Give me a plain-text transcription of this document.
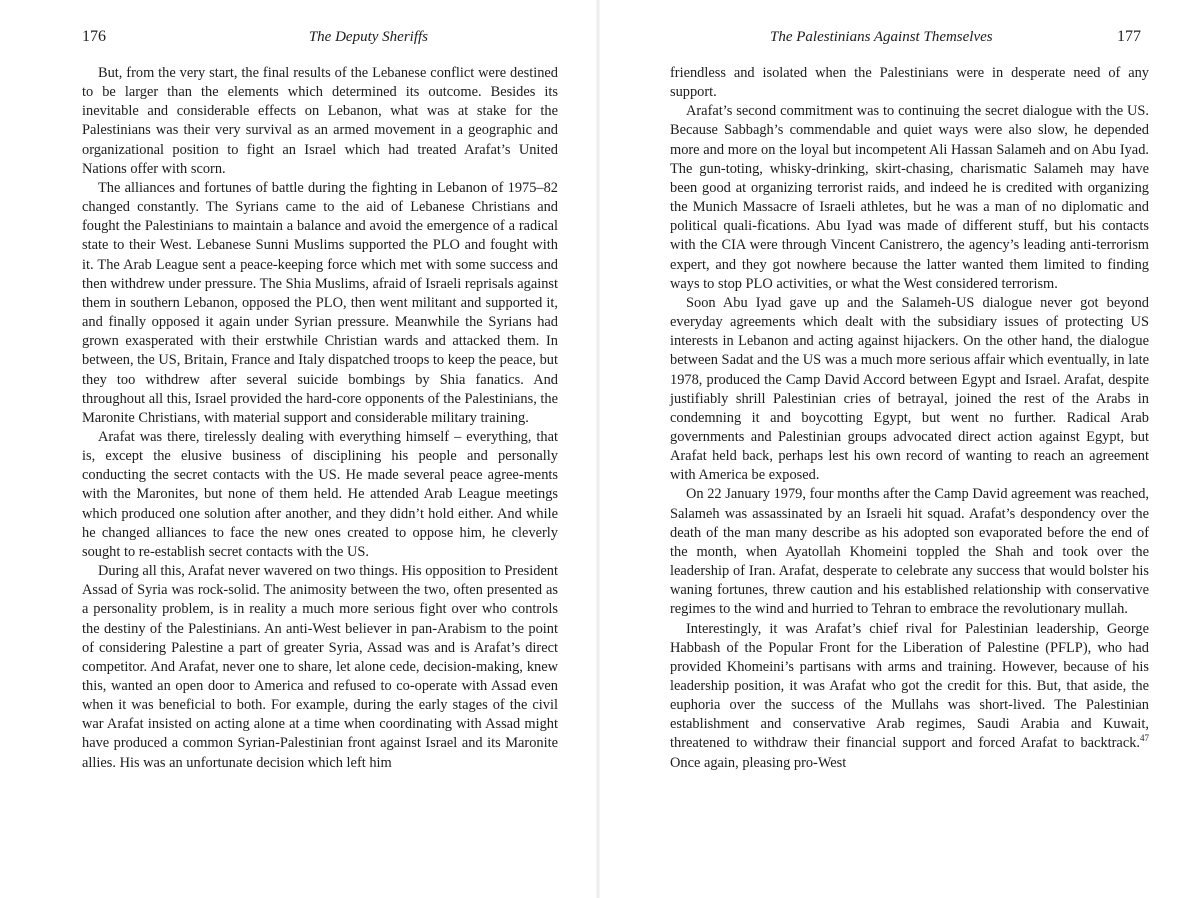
176	The Deputy Sheriffs

But, from the very start, the final results of the Lebanese conflict were destined to be larger than the elements which determined its outcome. Besides its inevitable and considerable effects on Lebanon, what was at stake for the Palestinians was their very survival as an armed movement in a geographic and organizational position to fight an Israel which had treated Arafat’s United Nations offer with scorn.

The alliances and fortunes of battle during the fighting in Lebanon of 1975–82 changed constantly. The Syrians came to the aid of Lebanese Christians and fought the Palestinians to maintain a balance and avoid the emergence of a radical state to their West. Lebanese Sunni Muslims supported the PLO and fought with it. The Arab League sent a peace-keeping force which met with some success and then withdrew under pressure. The Shia Muslims, afraid of Israeli reprisals against them in southern Lebanon, opposed the PLO, then went militant and supported it, and finally opposed it again under Syrian pressure. Meanwhile the Syrians had grown exasperated with their erstwhile Christian wards and attacked them. In between, the US, Britain, France and Italy dispatched troops to keep the peace, but they too withdrew after several suicide bombings by Shia fanatics. And throughout all this, Israel provided the hard-core opponents of the Palestinians, the Maronite Christians, with material support and considerable military training.

Arafat was there, tirelessly dealing with everything himself – everything, that is, except the elusive business of disciplining his people and personally conducting the secret contacts with the US. He made several peace agree-ments with the Maronites, but none of them held. He attended Arab League meetings which produced one solution after another, and they didn’t hold either. And while he changed alliances to face the new ones created to oppose him, he cleverly sought to re-establish secret contacts with the US.

During all this, Arafat never wavered on two things. His opposition to President Assad of Syria was rock-solid. The animosity between the two, often presented as a personality problem, is in reality a much more serious fight over who controls the destiny of the Palestinians. An anti-West believer in pan-Arabism to the point of considering Palestine a part of greater Syria, Assad was and is Arafat’s direct competitor. And Arafat, never one to share, let alone cede, decision-making, knew this, wanted an open door to America and refused to co-operate with Assad even when it was beneficial to both. For example, during the early stages of the civil war Arafat insisted on acting alone at a time when coordinating with Assad might have produced a common Syrian-Palestinian front against Israel and its Maronite allies. His was an unfortunate decision which left him

The Palestinians Against Themselves	177

friendless and isolated when the Palestinians were in desperate need of any support.

Arafat’s second commitment was to continuing the secret dialogue with the US. Because Sabbagh’s commendable and quiet ways were also slow, he depended more and more on the loyal but incompetent Ali Hassan Salameh and on Abu Iyad. The gun-toting, whisky-drinking, skirt-chasing, charismatic Salameh may have been good at organizing terrorist raids, and indeed he is credited with organizing the Munich Massacre of Israeli athletes, but he was a man of no diplomatic and political quali-fications. Abu Iyad was made of different stuff, but his contacts with the CIA were through Vincent Canistrero, the agency’s leading anti-terrorism expert, and they got nowhere because the latter wanted them limited to finding ways to stop PLO activities, or what the West considered terrorism.

Soon Abu Iyad gave up and the Salameh-US dialogue never got beyond everyday agreements which dealt with the subsidiary issues of protecting US interests in Lebanon and acting against hijackers. On the other hand, the dialogue between Sadat and the US was a much more serious affair which eventually, in late 1978, produced the Camp David Accord between Egypt and Israel. Arafat, despite justifiably shrill Palestinian cries of betrayal, joined the rest of the Arabs in condemning it and boycotting Egypt, but went no further. Radical Arab governments and Palestinian groups advocated direct action against Egypt, but Arafat held back, perhaps lest his own record of wanting to reach an agreement with America be exposed.

On 22 January 1979, four months after the Camp David agreement was reached, Salameh was assassinated by an Israeli hit squad. Arafat’s despondency over the death of the man many describe as his adopted son evaporated before the end of the month, when Ayatollah Khomeini toppled the Shah and took over the leadership of Iran. Arafat, desperate to celebrate any success that would bolster his waning fortunes, threw caution and his established relationship with conservative regimes to the wind and hurried to Tehran to embrace the revolutionary mullah.

Interestingly, it was Arafat’s chief rival for Palestinian leadership, George Habbash of the Popular Front for the Liberation of Palestine (PFLP), who had provided Khomeini’s partisans with arms and training. However, because of his leadership position, it was Arafat who got the credit for this. But, that aside, the euphoria over the success of the Mullahs was short-lived. The Palestinian establishment and conservative Arab regimes, Saudi Arabia and Kuwait, threatened to withdraw their financial support and forced Arafat to backtrack.$^{47}$ Once again, pleasing pro-West
